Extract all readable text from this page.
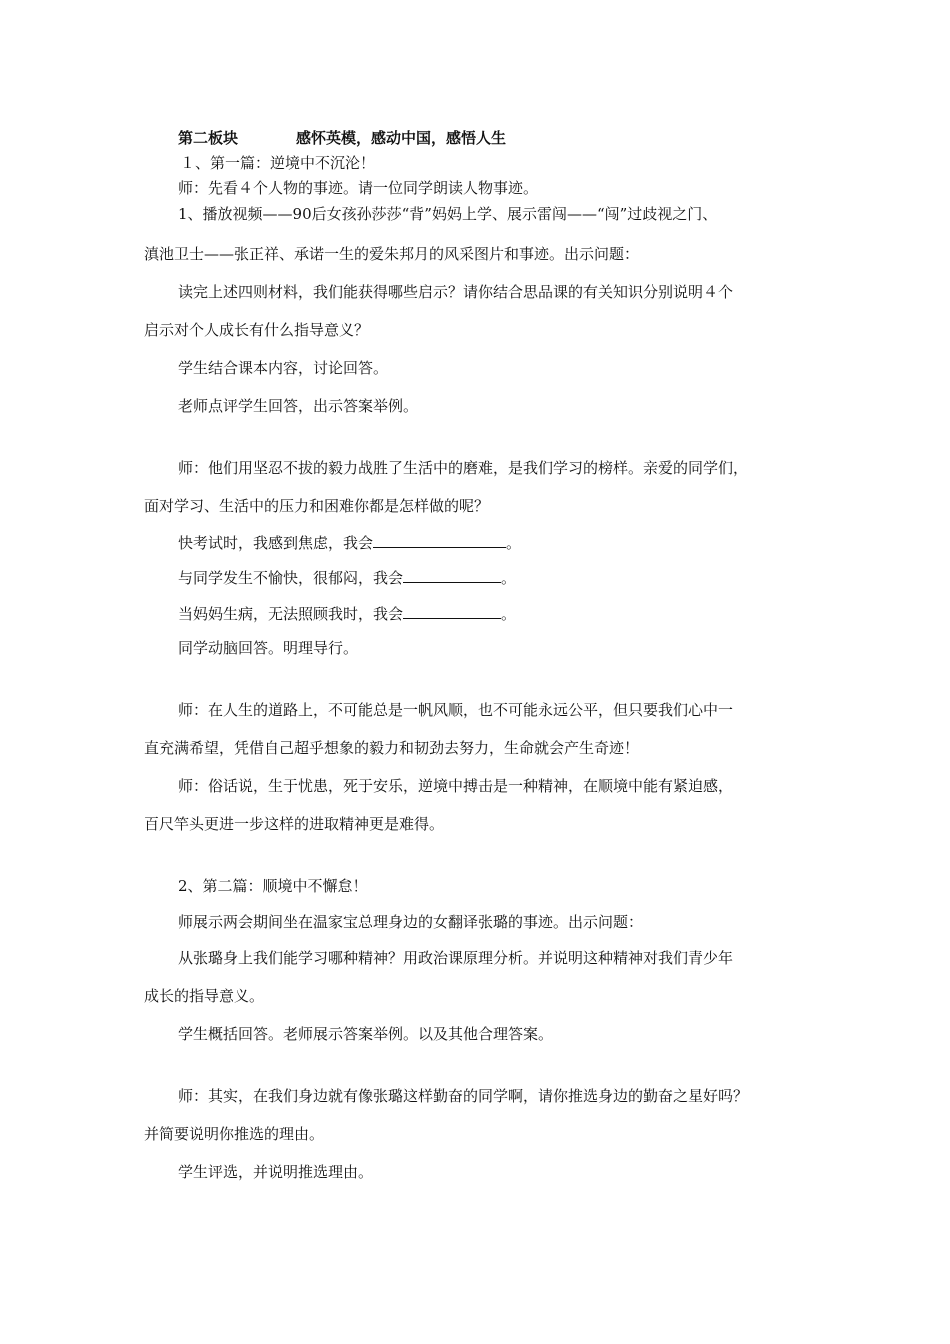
第二板块	感怀英模，感动中国，感悟人生
１、第一篇：逆境中不沉沦！
师：先看４个人物的事迹。请一位同学朗读人物事迹。
1、播放视频——90后女孩孙莎莎“背”妈妈上学、展示雷闯——“闯”过歧视之门、
滇池卫士——张正祥、承诺一生的爱朱邦月的风采图片和事迹。出示问题：
读完上述四则材料，我们能获得哪些启示？请你结合思品课的有关知识分别说明４个
启示对个人成长有什么指导意义？
学生结合课本内容，讨论回答。
老师点评学生回答，出示答案举例。
师：他们用坚忍不拔的毅力战胜了生活中的磨难，是我们学习的榜样。亲爱的同学们，
面对学习、生活中的压力和困难你都是怎样做的呢？
快考试时，我感到焦虑，我会	。
与同学发生不愉快，很郁闷，我会	。
当妈妈生病，无法照顾我时，我会	。
同学动脑回答。明理导行。
师：在人生的道路上，不可能总是一帆风顺，也不可能永远公平，但只要我们心中一
直充满希望，凭借自己超乎想象的毅力和韧劲去努力，生命就会产生奇迹！
师：俗话说，生于忧患，死于安乐，逆境中搏击是一种精神，在顺境中能有紧迫感，
百尺竿头更进一步这样的进取精神更是难得。
2、第二篇：顺境中不懈怠！
师展示两会期间坐在温家宝总理身边的女翻译张璐的事迹。出示问题：
从张璐身上我们能学习哪种精神？用政治课原理分析。并说明这种精神对我们青少年
成长的指导意义。
学生概括回答。老师展示答案举例。以及其他合理答案。
师：其实，在我们身边就有像张璐这样勤奋的同学啊，请你推选身边的勤奋之星好吗？
并简要说明你推选的理由。
学生评选，并说明推选理由。
